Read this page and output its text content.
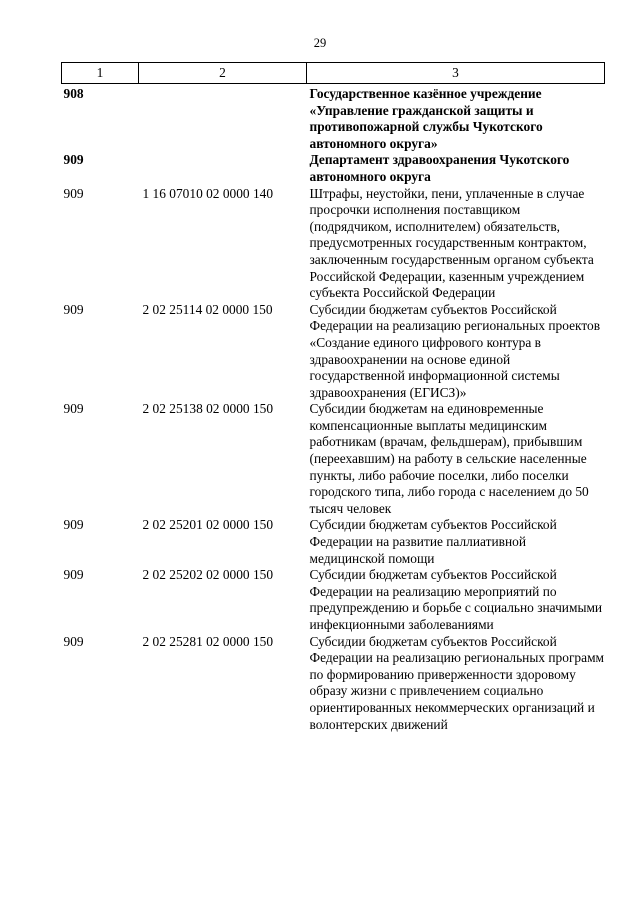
29
1	2	3
908		Государственное казённое учреждение «Управление гражданской защиты и противопожарной службы Чукотского автономного округа»
909		Департамент здравоохранения Чукотского автономного округа
909	1 16 07010 02 0000 140	Штрафы, неустойки, пени, уплаченные в случае просрочки исполнения поставщиком (подрядчиком, исполнителем) обязательств, предусмотренных государственным контрактом, заключенным государственным органом субъекта Российской Федерации, казенным учреждением субъекта Российской Федерации
909	2 02 25114 02 0000 150	Субсидии бюджетам субъектов Российской Федерации на реализацию региональных проектов «Создание единого цифрового контура в здравоохранении на основе единой государственной информационной системы здравоохранения (ЕГИСЗ)»
909	2 02 25138 02 0000 150	Субсидии бюджетам на единовременные компенсационные выплаты медицинским работникам (врачам, фельдшерам), прибывшим (переехавшим) на работу в сельские населенные пункты, либо рабочие поселки, либо поселки городского типа, либо города с населением до 50 тысяч человек
909	2 02 25201 02 0000 150	Субсидии бюджетам субъектов Российской Федерации на развитие паллиативной медицинской помощи
909	2 02 25202 02 0000 150	Субсидии бюджетам субъектов Российской Федерации на реализацию мероприятий по предупреждению и борьбе с социально значимыми инфекционными заболеваниями
909	2 02 25281 02 0000 150	Субсидии бюджетам субъектов Российской Федерации на реализацию региональных программ по формированию приверженности здоровому образу жизни с привлечением социально ориентированных некоммерческих организаций и волонтерских движений
